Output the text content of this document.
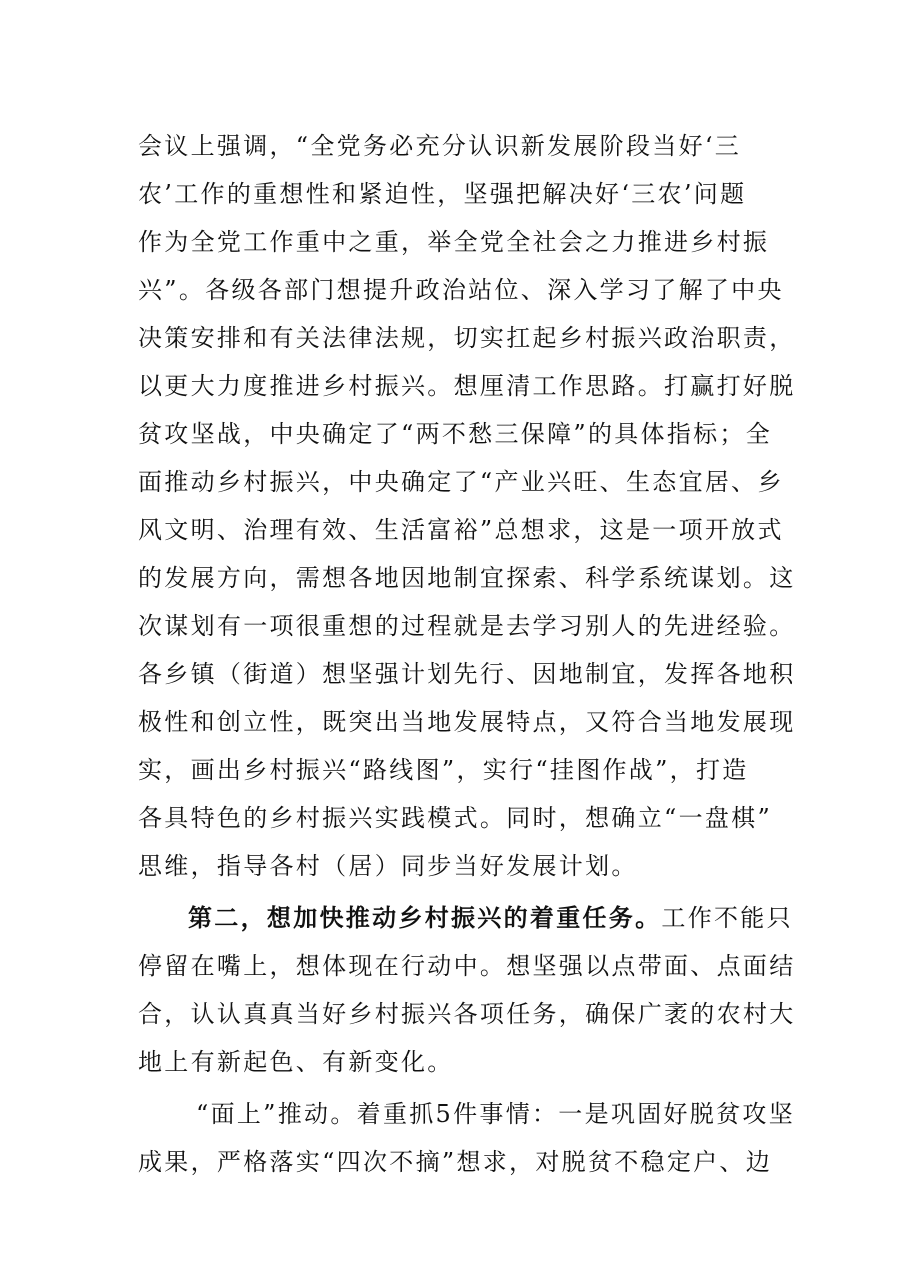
会议上强调，“全党务必充分认识新发展阶段当好‘三
农’工作的重想性和紧迫性，坚强把解决好‘三农’问题
作为全党工作重中之重，举全党全社会之力推进乡村振
兴”。各级各部门想提升政治站位、深入学习了解了中央
决策安排和有关法律法规，切实扛起乡村振兴政治职责，
以更大力度推进乡村振兴。想厘清工作思路。打赢打好脱
贫攻坚战，中央确定了“两不愁三保障”的具体指标；全
面推动乡村振兴，中央确定了“产业兴旺、生态宜居、乡
风文明、治理有效、生活富裕”总想求，这是一项开放式
的发展方向，需想各地因地制宜探索、科学系统谋划。这
次谋划有一项很重想的过程就是去学习别人的先进经验。
各乡镇（街道）想坚强计划先行、因地制宜，发挥各地积
极性和创立性，既突出当地发展特点，又符合当地发展现
实，画出乡村振兴“路线图”，实行“挂图作战”，打造
各具特色的乡村振兴实践模式。同时，想确立“一盘棋”
思维，指导各村（居）同步当好发展计划。
第二，想加快推动乡村振兴的着重任务。工作不能只
停留在嘴上，想体现在行动中。想坚强以点带面、点面结
合，认认真真当好乡村振兴各项任务，确保广袤的农村大
地上有新起色、有新变化。
“面上”推动。着重抓5件事情：一是巩固好脱贫攻坚
成果，严格落实“四次不摘”想求，对脱贫不稳定户、边
